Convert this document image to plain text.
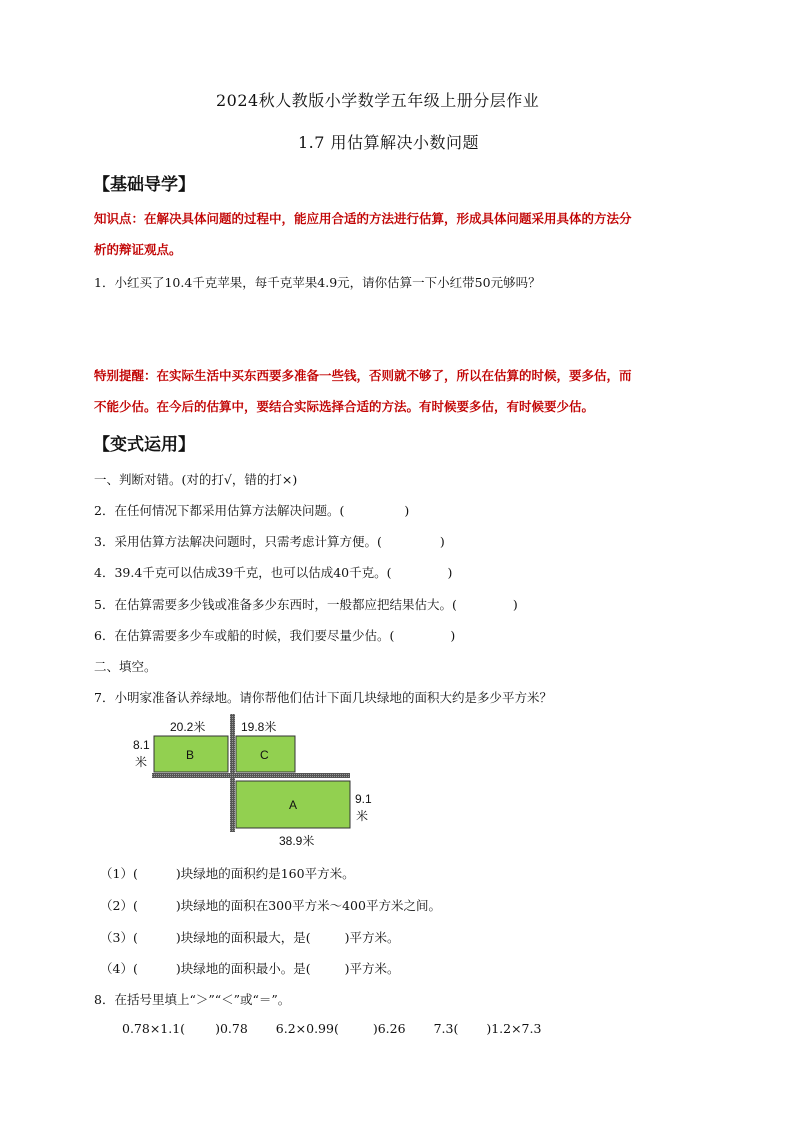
2024秋人教版小学数学五年级上册分层作业
1.7 用估算解决小数问题
【基础导学】
知识点：在解决具体问题的过程中，能应用合适的方法进行估算，形成具体问题采用具体的方法分
析的辩证观点。
1．小红买了10.4千克苹果，每千克苹果4.9元，请你估算一下小红带50元够吗？
特别提醒：在实际生活中买东西要多准备一些钱，否则就不够了，所以在估算的时候，要多估，而
不能少估。在今后的估算中，要结合实际选择合适的方法。有时候要多估，有时候要少估。
【变式运用】
一、判断对错。(对的打√，错的打×)
2．在任何情况下都采用估算方法解决问题。(	)
3．采用估算方法解决问题时，只需考虑计算方便。(	)
4．39.4千克可以估成39千克，也可以估成40千克。(	)
5．在估算需要多少钱或准备多少东西时，一般都应把结果估大。(	)
6．在估算需要多少车或船的时候，我们要尽量少估。(	)
二、填空。
7．小明家准备认养绿地。请你帮他们估计下面几块绿地的面积大约是多少平方米？
B	C
A
20.2米	19.8米
8.1
米
9.1
米
38.9米
（1）(	)块绿地的面积约是160平方米。
（2）(	)块绿地的面积在300平方米～400平方米之间。
（3）(	)块绿地的面积最大，是(	)平方米。
（4）(	)块绿地的面积最小。是(	)平方米。
8．在括号里填上“＞”“＜”或“＝”。
0.78×1.1( )0.78 6.2×0.99(	)6.26 7.3( )1.2×7.3
